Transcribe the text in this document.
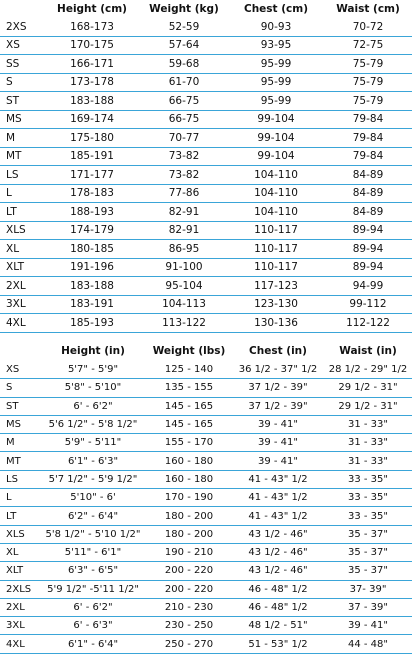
	Height (cm)	Weight (kg)	Chest (cm)	Waist (cm)
2XS	168-173	52-59	90-93	70-72
XS	170-175	57-64	93-95	72-75
SS	166-171	59-68	95-99	75-79
S	173-178	61-70	95-99	75-79
ST	183-188	66-75	95-99	75-79
MS	169-174	66-75	99-104	79-84
M	175-180	70-77	99-104	79-84
MT	185-191	73-82	99-104	79-84
LS	171-177	73-82	104-110	84-89
L	178-183	77-86	104-110	84-89
LT	188-193	82-91	104-110	84-89
XLS	174-179	82-91	110-117	89-94
XL	180-185	86-95	110-117	89-94
XLT	191-196	91-100	110-117	89-94
2XL	183-188	95-104	117-123	94-99
3XL	183-191	104-113	123-130	99-112
4XL	185-193	113-122	130-136	112-122
	Height (in)	Weight (lbs)	Chest (in)	Waist (in)
XS	5'7" - 5'9"	125 - 140	36 1/2 - 37" 1/2	28 1/2 - 29" 1/2
S	5'8" - 5'10"	135 - 155	37 1/2 - 39"	29 1/2 - 31"
ST	6' - 6'2"	145 - 165	37 1/2 - 39"	29 1/2 - 31"
MS	5'6 1/2" - 5'8 1/2"	145 - 165	39 - 41"	31 - 33"
M	5'9" - 5'11"	155 - 170	39 - 41"	31 - 33"
MT	6'1" - 6'3"	160 - 180	39 - 41"	31 - 33"
LS	5'7 1/2" - 5'9 1/2"	160 - 180	41 - 43" 1/2	33 - 35"
L	5'10" - 6'	170 - 190	41 - 43" 1/2	33 - 35"
LT	6'2" - 6'4"	180 - 200	41 - 43" 1/2	33 - 35"
XLS	5'8 1/2" - 5'10 1/2"	180 - 200	43 1/2 - 46"	35 - 37"
XL	5'11" - 6'1"	190 - 210	43 1/2 - 46"	35 - 37"
XLT	6'3" - 6'5"	200 - 220	43 1/2 - 46"	35 - 37"
2XLS	5'9 1/2" -5'11 1/2"	200 - 220	46 - 48" 1/2	37- 39"
2XL	6' - 6'2"	210 - 230	46 - 48" 1/2	37 - 39"
3XL	6' - 6'3"	230 - 250	48 1/2 - 51"	39 - 41"
4XL	6'1" - 6'4"	250 - 270	51 - 53" 1/2	44 - 48"
